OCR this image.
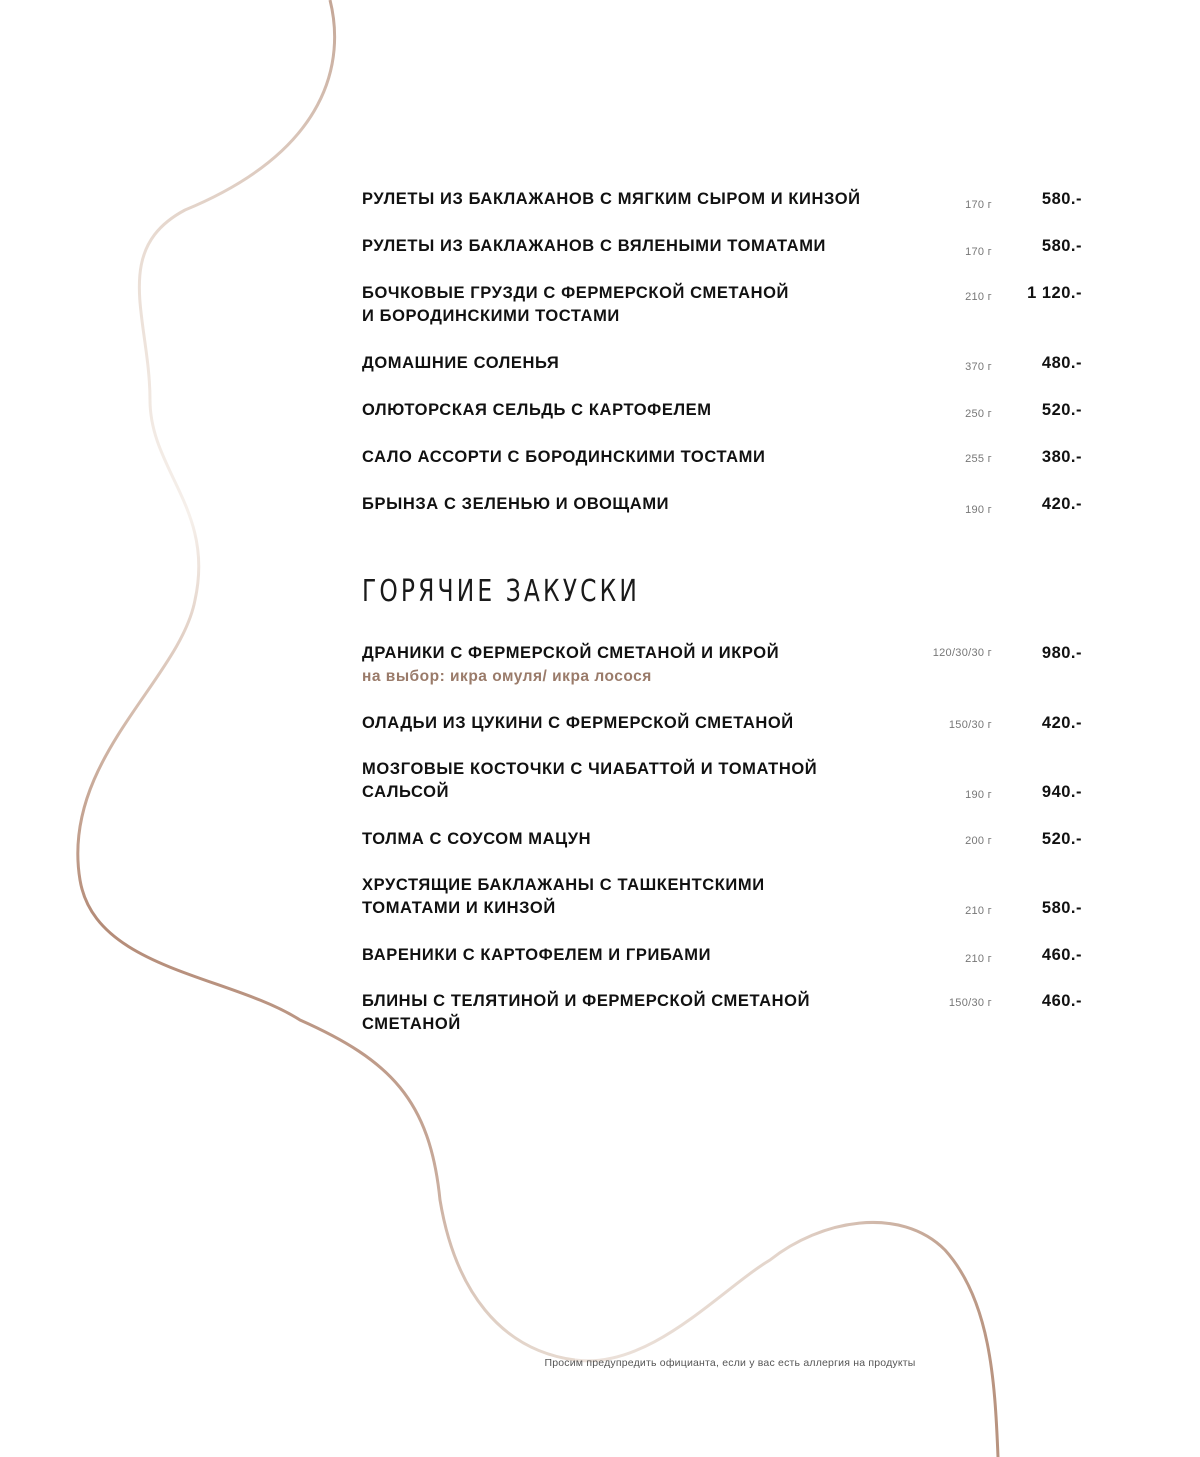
РУЛЕТЫ ИЗ БАКЛАЖАНОВ С МЯГКИМ СЫРОМ И КИНЗОЙ	170 г	580.-
РУЛЕТЫ ИЗ БАКЛАЖАНОВ С ВЯЛЕНЫМИ ТОМАТАМИ	170 г	580.-
БОЧКОВЫЕ ГРУЗДИ С ФЕРМЕРСКОЙ СМЕТАНОЙ
И БОРОДИНСКИМИ ТОСТАМИ
210 г	1 120.-
ДОМАШНИЕ СОЛЕНЬЯ	370 г	480.-
ОЛЮТОРСКАЯ СЕЛЬДЬ С КАРТОФЕЛЕМ	250 г	520.-
САЛО АССОРТИ С БОРОДИНСКИМИ ТОСТАМИ	255 г	380.-
БРЫНЗА С ЗЕЛЕНЬЮ И ОВОЩАМИ	190 г	420.-
ГОРЯЧИЕ ЗАКУСКИ
ДРАНИКИ С ФЕРМЕРСКОЙ СМЕТАНОЙ И ИКРОЙ
на выбор: икра омуля/ икра лосося
120/30/30 г	980.-
ОЛАДЬИ ИЗ ЦУКИНИ С ФЕРМЕРСКОЙ СМЕТАНОЙ	150/30 г	420.-
МОЗГОВЫЕ КОСТОЧКИ С ЧИАБАТТОЙ И ТОМАТНОЙ
САЛЬСОЙ	190 г	940.-
ТОЛМА С СОУСОМ МАЦУН	200 г	520.-
ХРУСТЯЩИЕ БАКЛАЖАНЫ С ТАШКЕНТСКИМИ
ТОМАТАМИ И КИНЗОЙ	210 г	580.-
ВАРЕНИКИ С КАРТОФЕЛЕМ И ГРИБАМИ	210 г	460.-
БЛИНЫ С ТЕЛЯТИНОЙ И ФЕРМЕРСКОЙ СМЕТАНОЙ
СМЕТАНОЙ
150/30 г	460.-
Просим предупредить официанта, если у вас есть аллергия на продукты
